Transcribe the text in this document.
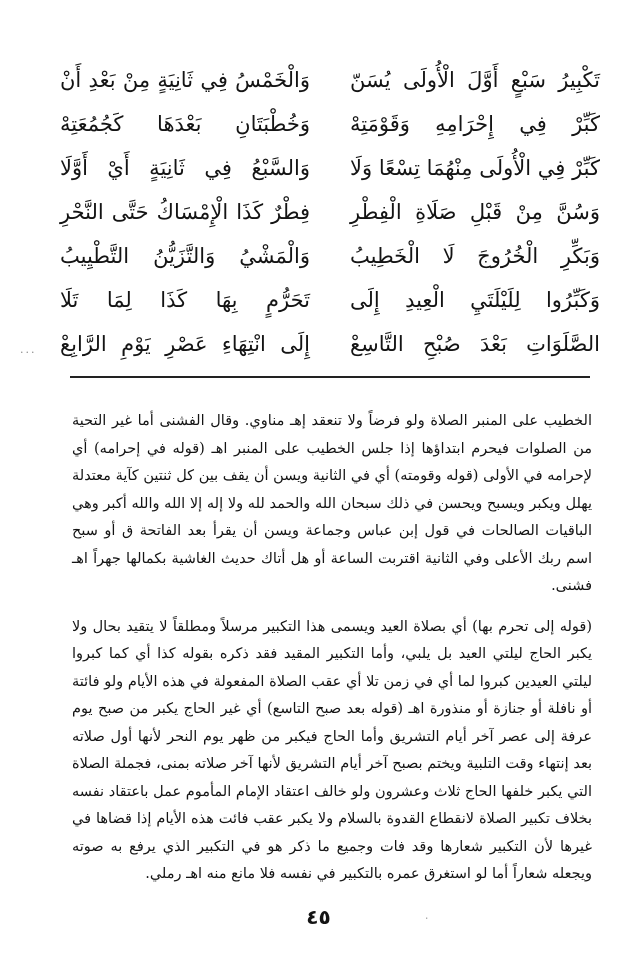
تَكْبِيرُ سَبْعٍ أَوَّلَ الْأُولَى يُسَنّ
كَبِّرْ فِي إِحْرَامِهِ وَقَوْمَتِهْ
كَبِّرْ فِي الْأُولَى مِنْهُمَا تِسْعًا وَلَا
وَسُنَّ مِنْ قَبْلِ صَلَاةِ الْفِطْرِ
وَبَكِّرِ الْخُرُوجَ لَا الْخَطِيبُ
وَكَبِّرُوا لِلَيْلَتَيِ الْعِيدِ إِلَى
الصَّلَوَاتِ بَعْدَ صُبْحِ التَّاسِعْ
وَالْخَمْسُ فِي ثَانِيَةٍ مِنْ بَعْدِ أَنْ
وَخُطْبَتَانِ بَعْدَهَا كَجُمُعَتِهْ
وَالسَّبْعُ فِي ثَانِيَةٍ أَيْ أَوَّلَا
فِطْرٌ كَذَا الْإِمْسَاكُ حَتَّى النَّحْرِ
وَالْمَشْيُ وَالتَّزَيُّنُ التَّطْيِيبُ
تَحَرُّمٍ بِهَا كَذَا لِمَا تَلَا
إِلَى انْتِهَاءِ عَصْرِ يَوْمِ الرَّابِعْ

الخطيب على المنبر الصلاة ولو فرضاً ولا تنعقد إهـ مناوي. وقال الفشنى أما غير التحية من الصلوات فيحرم ابتداؤها إذا جلس الخطيب على المنبر اهـ (قوله في إحرامه) أي لإحرامه في الأولى (قوله وقومته) أي في الثانية ويسن أن يقف بين كل ثنتين كآية معتدلة يهلل ويكبر ويسبح ويحسن في ذلك سبحان الله والحمد لله ولا إله إلا الله والله أكبر وهي الباقيات الصالحات في قول إبن عباس وجماعة ويسن أن يقرأ بعد الفاتحة ق أو سبح اسم ربك الأعلى وفي الثانية اقتربت الساعة أو هل أتاك حديث الغاشية بكمالها جهراً اهـ فشنى.

(قوله إلى تحرم بها) أي بصلاة العيد ويسمى هذا التكبير مرسلاً ومطلقاً لا يتقيد بحال ولا يكبر الحاج ليلتي العيد بل يلبي، وأما التكبير المقيد فقد ذكره بقوله كذا أي كما كبروا ليلتي العيدين كبروا لما أي في زمن تلا أي عقب الصلاة المفعولة في هذه الأيام ولو فائتة أو نافلة أو جنازة أو منذورة اهـ (قوله بعد صبح التاسع) أي غير الحاج يكبر من صبح يوم عرفة إلى عصر آخر أيام التشريق وأما الحاج فيكبر من ظهر يوم النحر لأنها أول صلاته بعد إنتهاء وقت التلبية ويختم بصبح آخر أيام التشريق لأنها آخر صلاته بمنى، فجملة الصلاة التي يكبر خلفها الحاج ثلاث وعشرون ولو خالف اعتقاد الإمام المأموم عمل باعتقاد نفسه بخلاف تكبير الصلاة لانقطاع القدوة بالسلام ولا يكبر عقب فائت هذه الأيام إذا قضاها في غيرها لأن التكبير شعارها وقد فات وجميع ما ذكر هو في التكبير الذي يرفع به صوته ويجعله شعاراً أما لو استغرق عمره بالتكبير في نفسه فلا مانع منه اهـ رملي.

٤٥
...
٠
